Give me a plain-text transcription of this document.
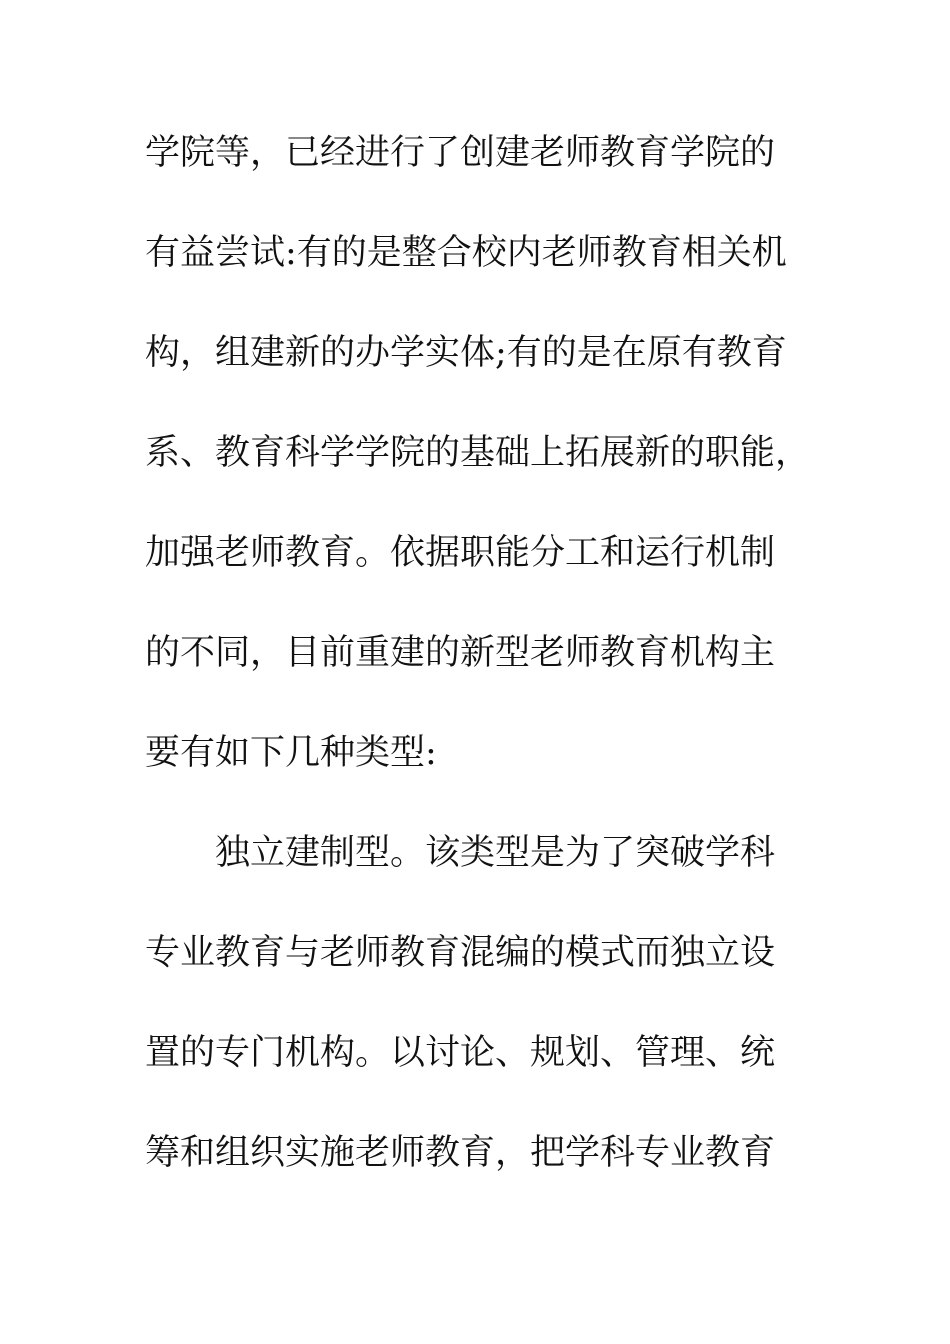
学院等，已经进行了创建老师教育学院的
有益尝试:有的是整合校内老师教育相关机
构，组建新的办学实体;有的是在原有教育
系、教育科学学院的基础上拓展新的职能，
加强老师教育。依据职能分工和运行机制
的不同，目前重建的新型老师教育机构主
要有如下几种类型:
独立建制型。该类型是为了突破学科
专业教育与老师教育混编的模式而独立设
置的专门机构。以讨论、规划、管理、统
筹和组织实施老师教育，把学科专业教育
